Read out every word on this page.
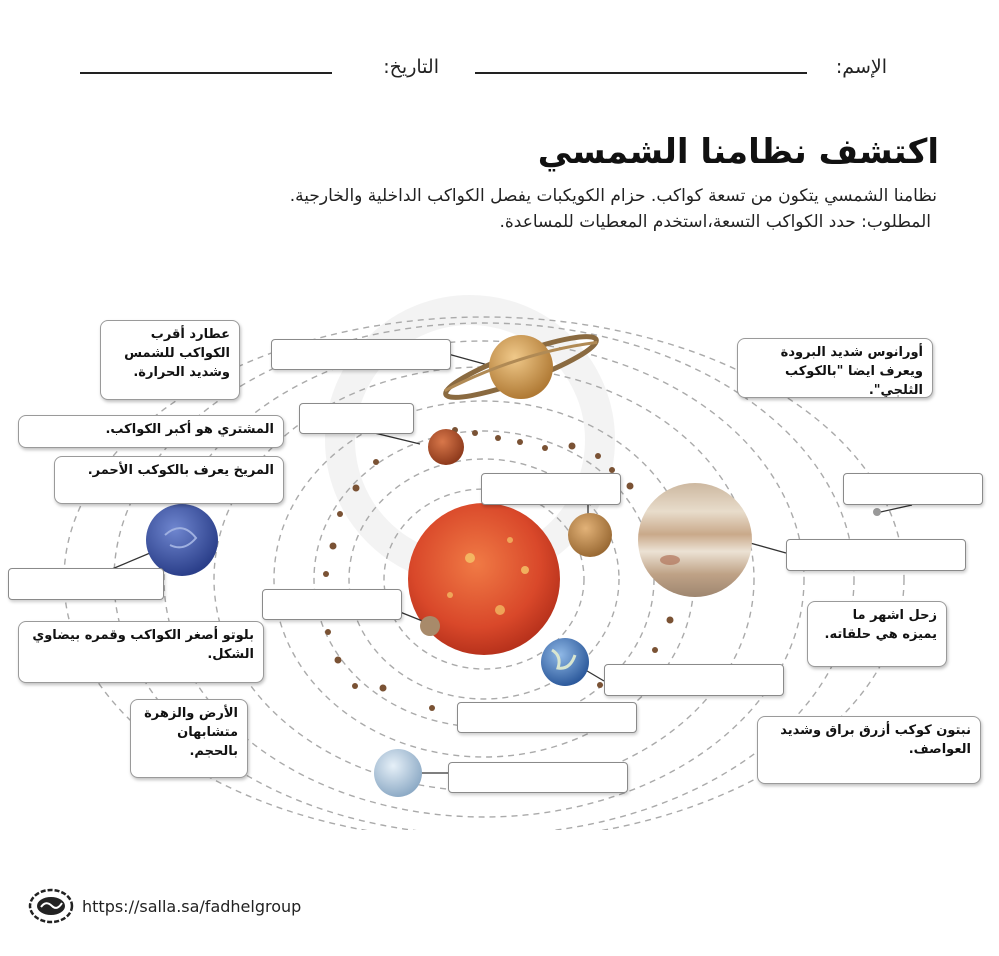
الإسم:
التاريخ:
اكتشف نظامنا الشمسي
نظامنا الشمسي يتكون من تسعة كواكب. حزام الكويكبات يفصل الكواكب الداخلية والخارجية.
المطلوب: حدد الكواكب التسعة،استخدم المعطيات للمساعدة.
عطارد أقرب الكواكب للشمس وشديد الحرارة.
المشتري هو أكبر الكواكب.
المريخ يعرف بالكوكب الأحمر.
بلوتو أصغر الكواكب وقمره بيضاوي الشكل.
الأرض والزهرة متشابهان بالحجم.
أورانوس شديد البرودة ويعرف ايضا "بالكوكب الثلجي".
زحل اشهر ما يميزه هي حلقاته.
نبتون كوكب أزرق براق وشديد العواصف.
https://salla.sa/fadhelgroup
